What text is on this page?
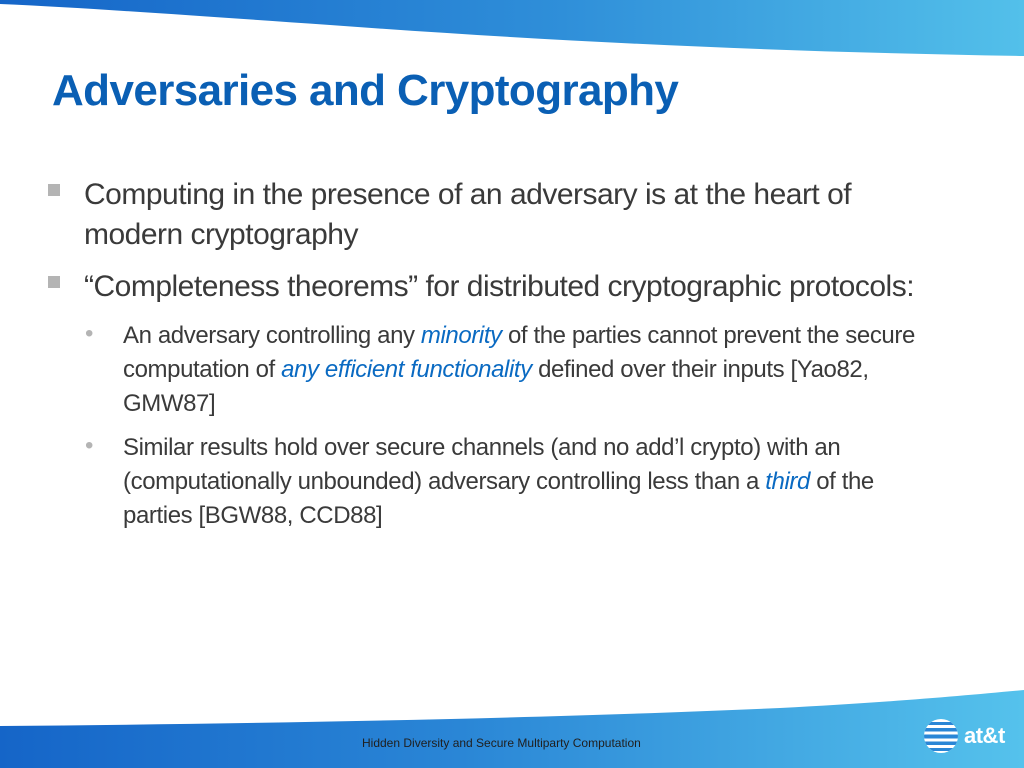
Adversaries and Cryptography
Computing in the presence of an adversary is at the heart of modern cryptography
“Completeness theorems” for distributed cryptographic protocols:
• An adversary controlling any minority of the parties cannot prevent the secure computation of any efficient functionality defined over their inputs [Yao82, GMW87]
• Similar results hold over secure channels (and no add’l crypto) with an (computationally unbounded) adversary controlling less than a third of the parties [BGW88, CCD88]
Hidden Diversity and Secure Multiparty Computation	at&t
